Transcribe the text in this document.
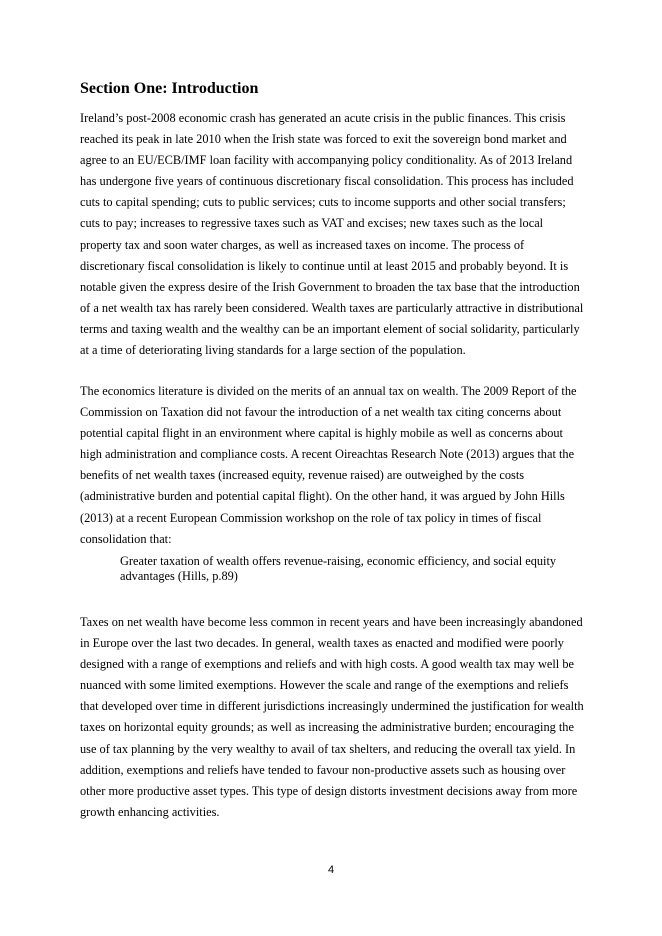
Section One: Introduction

Ireland’s post-2008 economic crash has generated an acute crisis in the public finances. This crisis
reached its peak in late 2010 when the Irish state was forced to exit the sovereign bond market and
agree to an EU/ECB/IMF loan facility with accompanying policy conditionality. As of 2013 Ireland
has undergone five years of continuous discretionary fiscal consolidation. This process has included
cuts to capital spending; cuts to public services; cuts to income supports and other social transfers;
cuts to pay; increases to regressive taxes such as VAT and excises; new taxes such as the local
property tax and soon water charges, as well as increased taxes on income. The process of
discretionary fiscal consolidation is likely to continue until at least 2015 and probably beyond. It is
notable given the express desire of the Irish Government to broaden the tax base that the introduction
of a net wealth tax has rarely been considered. Wealth taxes are particularly attractive in distributional
terms and taxing wealth and the wealthy can be an important element of social solidarity, particularly
at a time of deteriorating living standards for a large section of the population.

The economics literature is divided on the merits of an annual tax on wealth. The 2009 Report of the
Commission on Taxation did not favour the introduction of a net wealth tax citing concerns about
potential capital flight in an environment where capital is highly mobile as well as concerns about
high administration and compliance costs. A recent Oireachtas Research Note (2013) argues that the
benefits of net wealth taxes (increased equity, revenue raised) are outweighed by the costs
(administrative burden and potential capital flight). On the other hand, it was argued by John Hills
(2013) at a recent European Commission workshop on the role of tax policy in times of fiscal
consolidation that:

Greater taxation of wealth offers revenue-raising, economic efficiency, and social equity
advantages (Hills, p.89)

Taxes on net wealth have become less common in recent years and have been increasingly abandoned
in Europe over the last two decades. In general, wealth taxes as enacted and modified were poorly
designed with a range of exemptions and reliefs and with high costs. A good wealth tax may well be
nuanced with some limited exemptions. However the scale and range of the exemptions and reliefs
that developed over time in different jurisdictions increasingly undermined the justification for wealth
taxes on horizontal equity grounds; as well as increasing the administrative burden; encouraging the
use of tax planning by the very wealthy to avail of tax shelters, and reducing the overall tax yield. In
addition, exemptions and reliefs have tended to favour non-productive assets such as housing over
other more productive asset types. This type of design distorts investment decisions away from more
growth enhancing activities.

4
